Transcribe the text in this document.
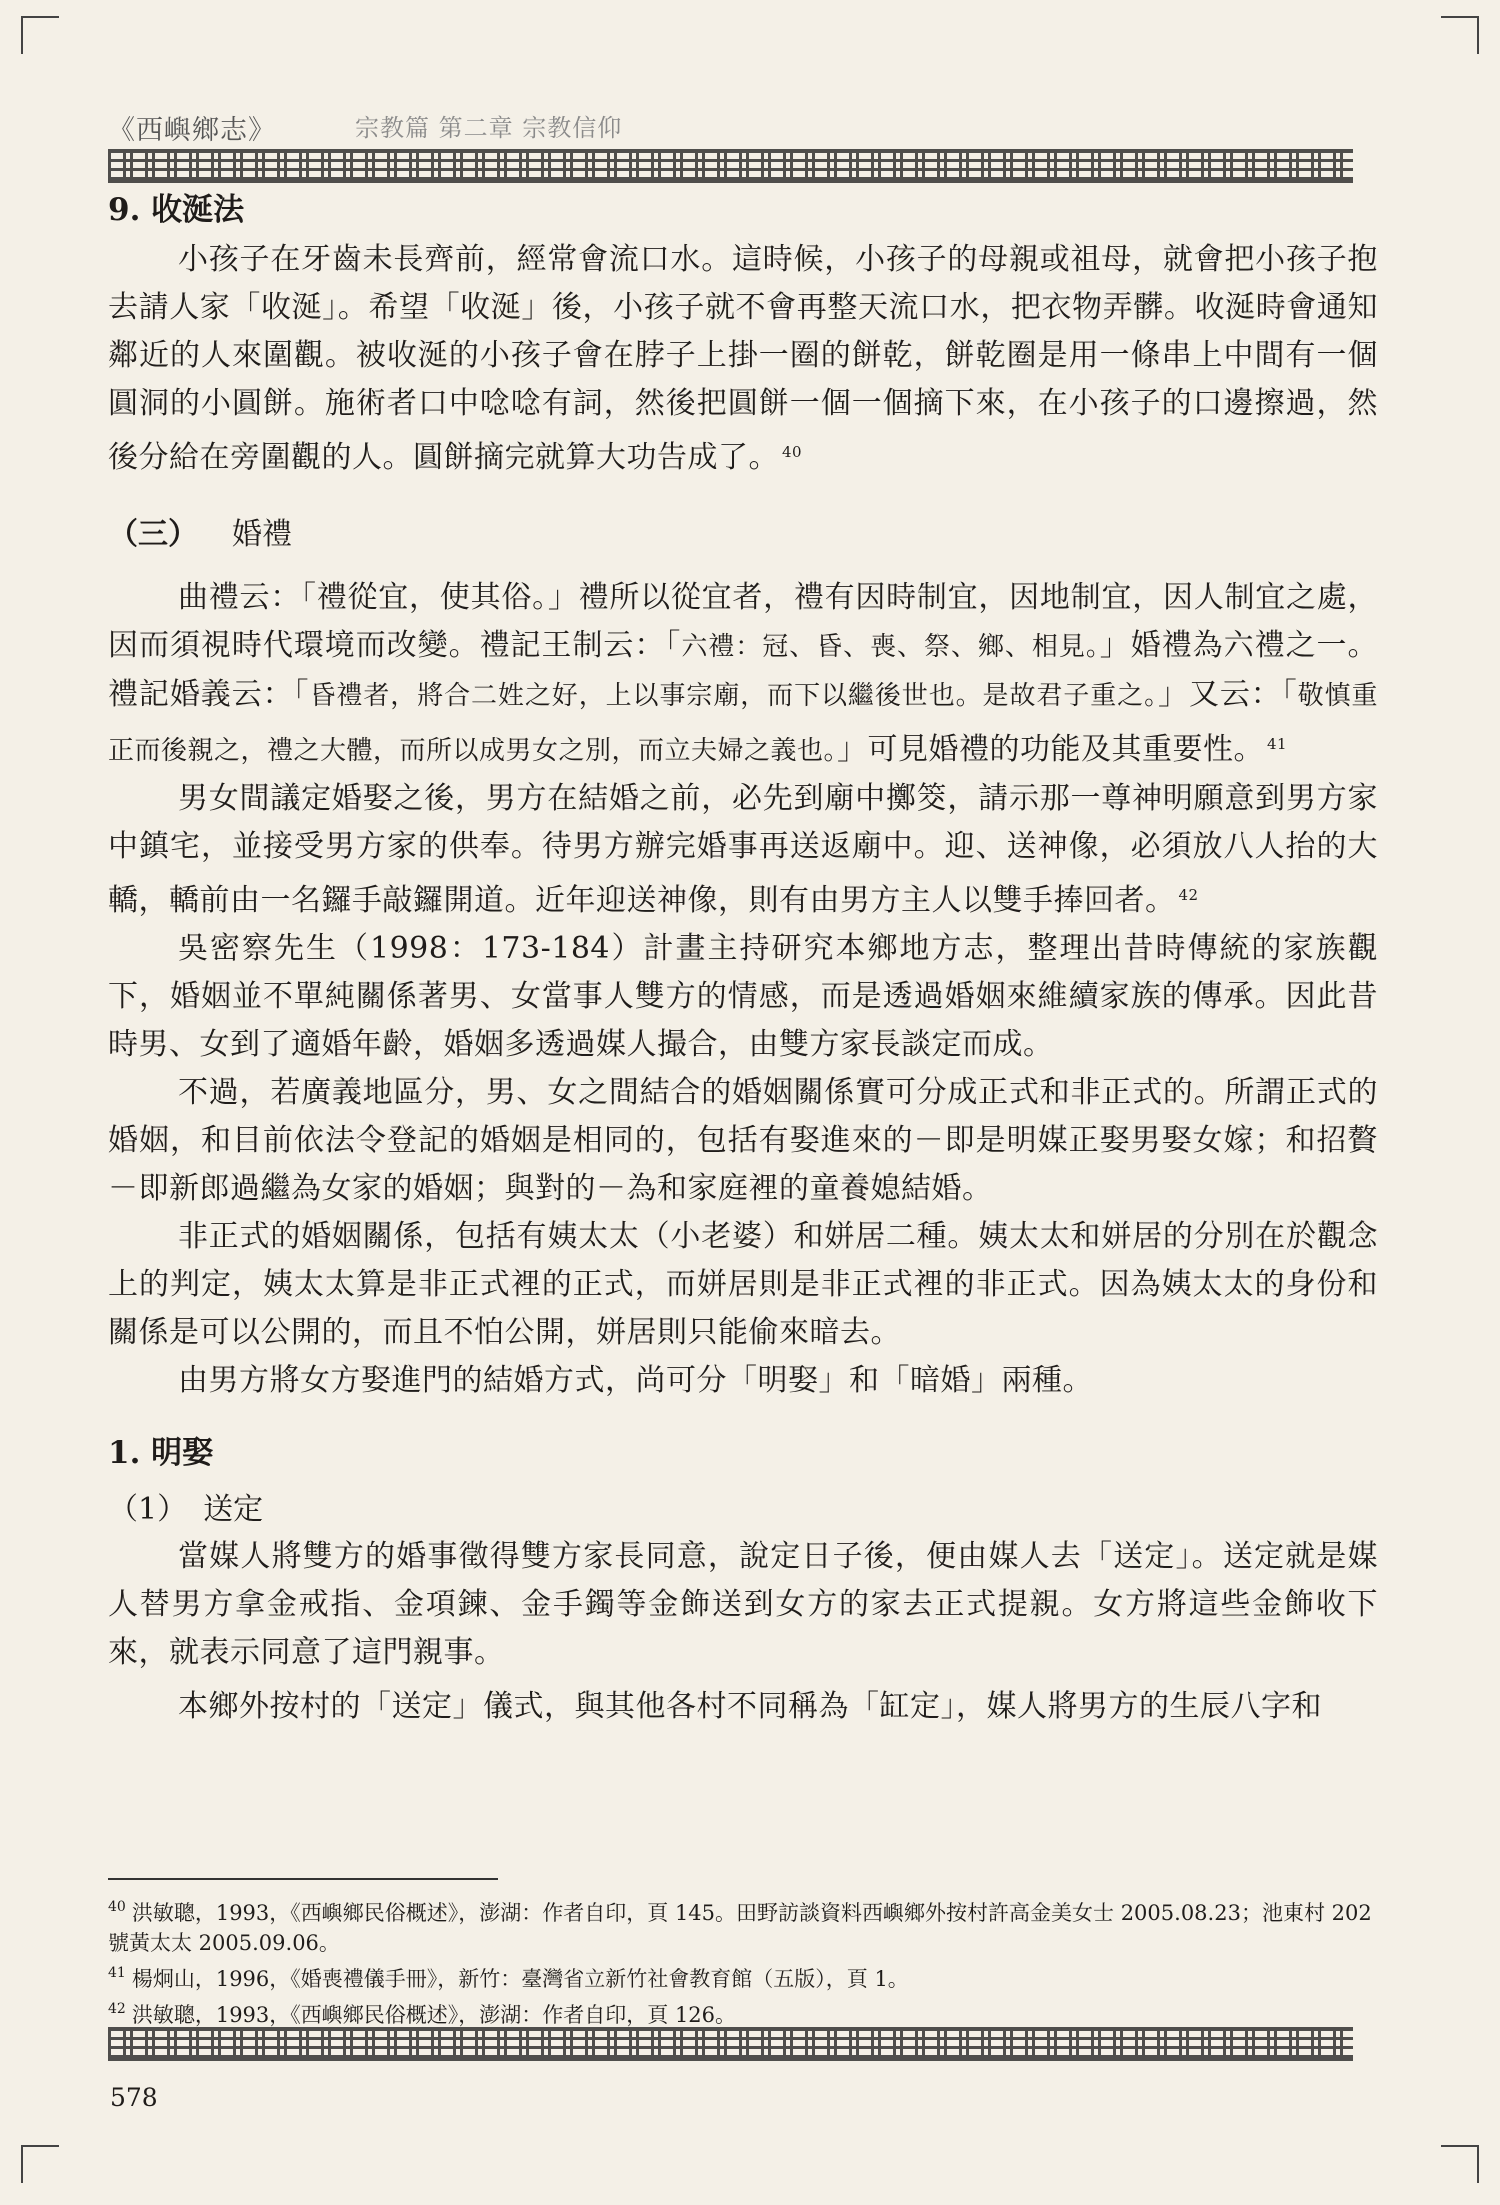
《西嶼鄉志》	宗教篇 第二章 宗教信仰
9. 收涎法

小孩子在牙齒未長齊前，經常會流口水。這時候，小孩子的母親或祖母，就會把小孩子抱去請人家「收涎」。希望「收涎」後，小孩子就不會再整天流口水，把衣物弄髒。收涎時會通知鄰近的人來圍觀。被收涎的小孩子會在脖子上掛一圈的餅乾，餅乾圈是用一條串上中間有一個圓洞的小圓餅。施術者口中唸唸有詞，然後把圓餅一個一個摘下來，在小孩子的口邊擦過，然後分給在旁圍觀的人。圓餅摘完就算大功告成了。 $^{40}$

（三） 婚禮

曲禮云：「禮從宜，使其俗。」禮所以從宜者，禮有因時制宜，因地制宜，因人制宜之處，因而須視時代環境而改變。禮記王制云：「六禮：冠、昏、喪、祭、鄉、相見。」婚禮為六禮之一。禮記婚義云：「昏禮者，將合二姓之好，上以事宗廟，而下以繼後世也。是故君子重之。」又云：「敬慎重正而後親之，禮之大體，而所以成男女之別，而立夫婦之義也。」可見婚禮的功能及其重要性。 $^{41}$

男女間議定婚娶之後，男方在結婚之前，必先到廟中擲筊，請示那一尊神明願意到男方家中鎮宅，並接受男方家的供奉。待男方辦完婚事再送返廟中。迎、送神像，必須放八人抬的大轎，轎前由一名鑼手敲鑼開道。近年迎送神像，則有由男方主人以雙手捧回者。 $^{42}$

吳密察先生（1998：173-184）計畫主持研究本鄉地方志，整理出昔時傳統的家族觀下，婚姻並不單純關係著男、女當事人雙方的情感，而是透過婚姻來維續家族的傳承。因此昔時男、女到了適婚年齡，婚姻多透過媒人撮合，由雙方家長談定而成。

不過，若廣義地區分，男、女之間結合的婚姻關係實可分成正式和非正式的。所謂正式的婚姻，和目前依法令登記的婚姻是相同的，包括有娶進來的－即是明媒正娶男娶女嫁；和招贅－即新郎過繼為女家的婚姻；與對的－為和家庭裡的童養媳結婚。

非正式的婚姻關係，包括有姨太太（小老婆）和姘居二種。姨太太和姘居的分別在於觀念上的判定，姨太太算是非正式裡的正式，而姘居則是非正式裡的非正式。因為姨太太的身份和關係是可以公開的，而且不怕公開，姘居則只能偷來暗去。

由男方將女方娶進門的結婚方式，尚可分「明娶」和「暗婚」兩種。

1. 明娶
（1） 送定

當媒人將雙方的婚事徵得雙方家長同意，說定日子後，便由媒人去「送定」。送定就是媒人替男方拿金戒指、金項鍊、金手鐲等金飾送到女方的家去正式提親。女方將這些金飾收下來，就表示同意了這門親事。

本鄉外按村的「送定」儀式，與其他各村不同稱為「缸定」，媒人將男方的生辰八字和

$^{40}$ 洪敏聰，1993，《西嶼鄉民俗概述》，澎湖：作者自印，頁 145。田野訪談資料西嶼鄉外按村許高金美女士 2005.08.23；池東村 202 號黃太太 2005.09.06。

$^{41}$ 楊炯山，1996，《婚喪禮儀手冊》，新竹：臺灣省立新竹社會教育館（五版），頁 1。

$^{42}$ 洪敏聰，1993，《西嶼鄉民俗概述》，澎湖：作者自印，頁 126。

578
